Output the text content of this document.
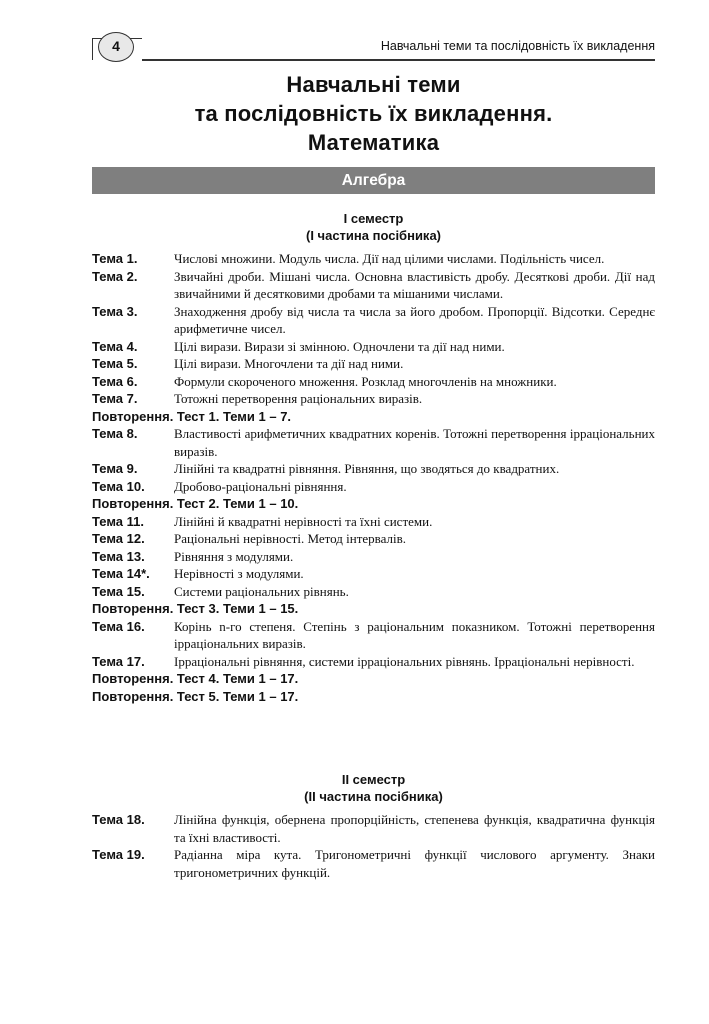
4	Навчальні теми та послідовність їх викладення
Навчальні теми
та послідовність їх викладення.
Математика
Алгебра
І семестр
(І частина посібника)
Тема 1.	Числові множини. Модуль числа. Дії над цілими числами. Подільність чисел.
Тема 2.	Звичайні дроби. Мішані числа. Основна властивість дробу. Десяткові дроби. Дії над звичайними й десятковими дробами та мішаними числами.
Тема 3.	Знаходження дробу від числа та числа за його дробом. Пропорції. Відсотки. Середнє арифметичне чисел.
Тема 4.	Цілі вирази. Вирази зі змінною. Одночлени та дії над ними.
Тема 5.	Цілі вирази. Многочлени та дії над ними.
Тема 6.	Формули скороченого множення. Розклад многочленів на множники.
Тема 7.	Тотожні перетворення раціональних виразів.
Повторення. Тест 1. Теми 1 – 7.
Тема 8.	Властивості арифметичних квадратних коренів. Тотожні перетворення ірраціональних виразів.
Тема 9.	Лінійні та квадратні рівняння. Рівняння, що зводяться до квадратних.
Тема 10.	Дробово-раціональні рівняння.
Повторення. Тест 2. Теми 1 – 10.
Тема 11.	Лінійні й квадратні нерівності та їхні системи.
Тема 12.	Раціональні нерівності. Метод інтервалів.
Тема 13.	Рівняння з модулями.
Тема 14*.	Нерівності з модулями.
Тема 15.	Системи раціональних рівнянь.
Повторення. Тест 3. Теми 1 – 15.
Тема 16.	Корінь n-го степеня. Степінь з раціональним показником. Тотожні перетворення ірраціональних виразів.
Тема 17.	Ірраціональні рівняння, системи ірраціональних рівнянь. Ірраціональні нерівності.
Повторення. Тест 4. Теми 1 – 17.
Повторення. Тест 5. Теми 1 – 17.
ІІ семестр
(ІІ частина посібника)
Тема 18.	Лінійна функція, обернена пропорційність, степенева функція, квадратична функція та їхні властивості.
Тема 19.	Радіанна міра кута. Тригонометричні функції числового аргументу. Знаки тригонометричних функцій.
